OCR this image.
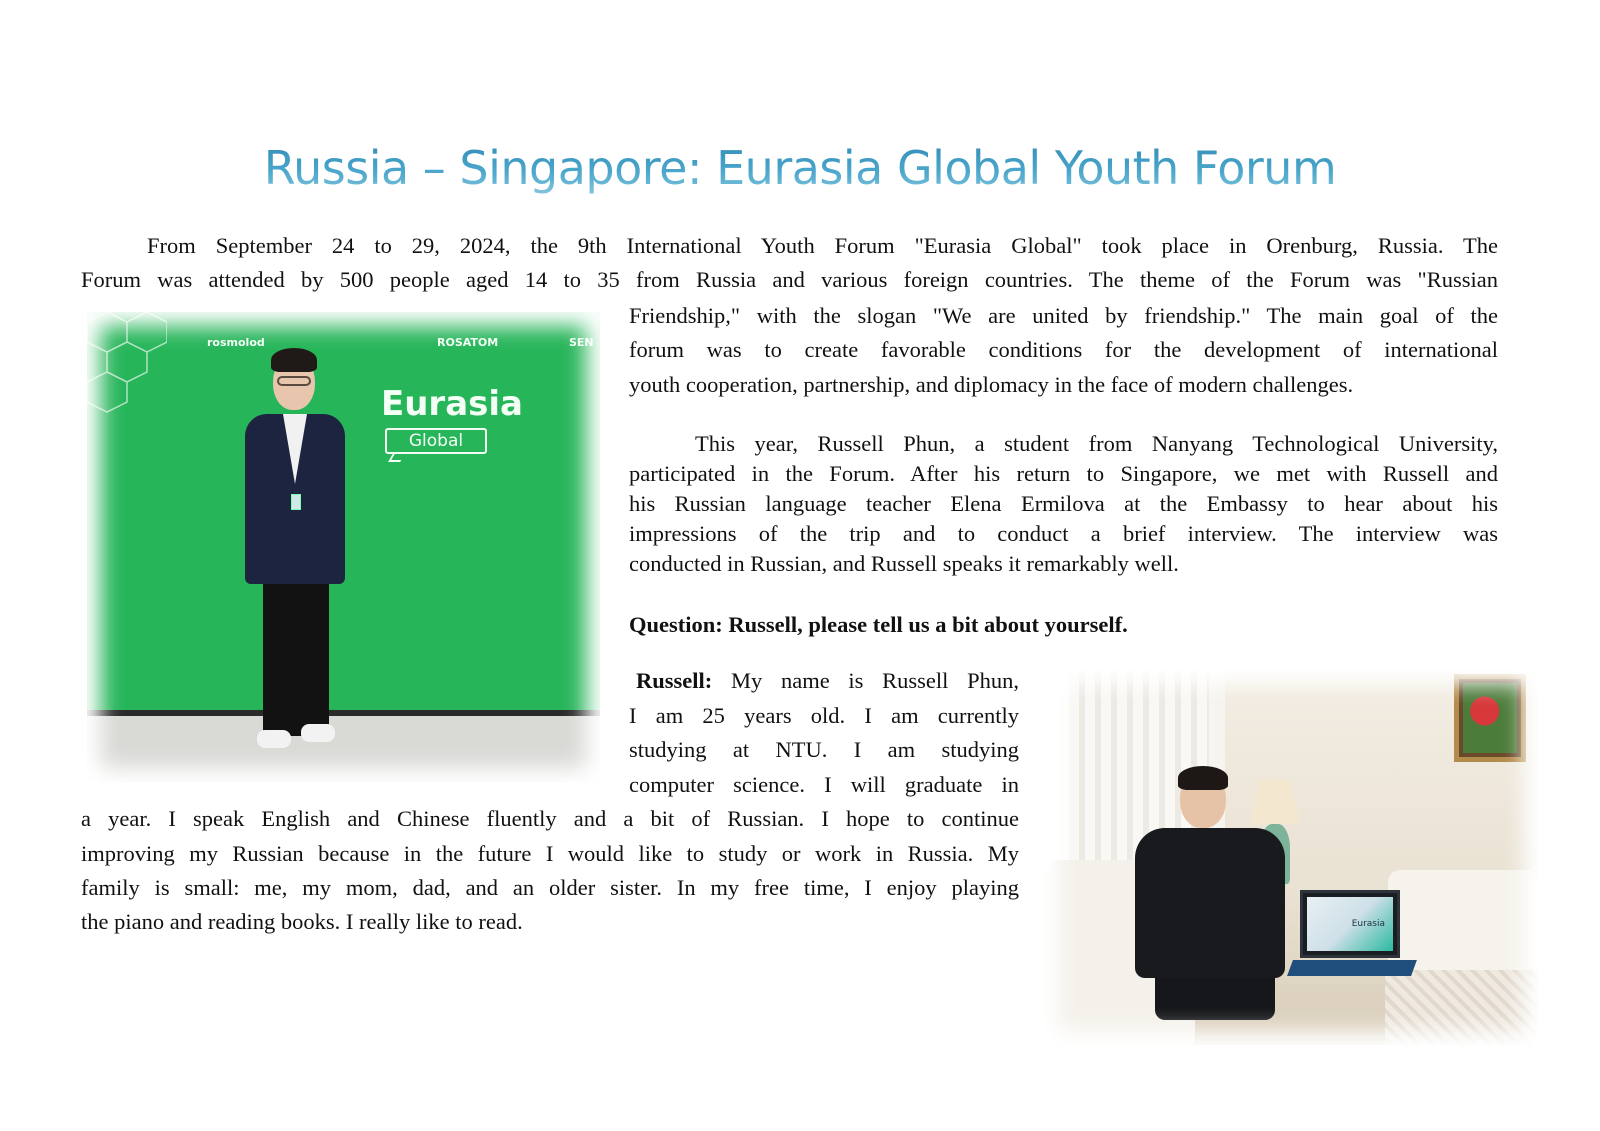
Russia – Singapore: Eurasia Global Youth Forum
From September 24 to 29, 2024, the 9th International Youth Forum "Eurasia Global" took place in Orenburg, Russia. The
Forum was attended by 500 people aged 14 to 35 from Russia and various foreign countries. The theme of the Forum was "Russian
Friendship," with the slogan "We are united by friendship." The main goal of the
forum was to create favorable conditions for the development of international
youth cooperation, partnership, and diplomacy in the face of modern challenges.
This year, Russell Phun, a student from Nanyang Technological University,
participated in the Forum. After his return to Singapore, we met with Russell and
his Russian language teacher Elena Ermilova at the Embassy to hear about his
impressions of the trip and to conduct a brief interview. The interview was
conducted in Russian, and Russell speaks it remarkably well.
Question: Russell, please tell us a bit about yourself.
Russell: My name is Russell Phun,
I am 25 years old. I am currently
studying at NTU. I am studying
computer science. I will graduate in
a year. I speak English and Chinese fluently and a bit of Russian. I hope to continue
improving my Russian because in the future I would like to study or work in Russia. My
family is small: me, my mom, dad, and an older sister. In my free time, I enjoy playing
the piano and reading books. I really like to read.
rosmolod	ROSATOM	SEN
Eurasia
Global
Eurasia
